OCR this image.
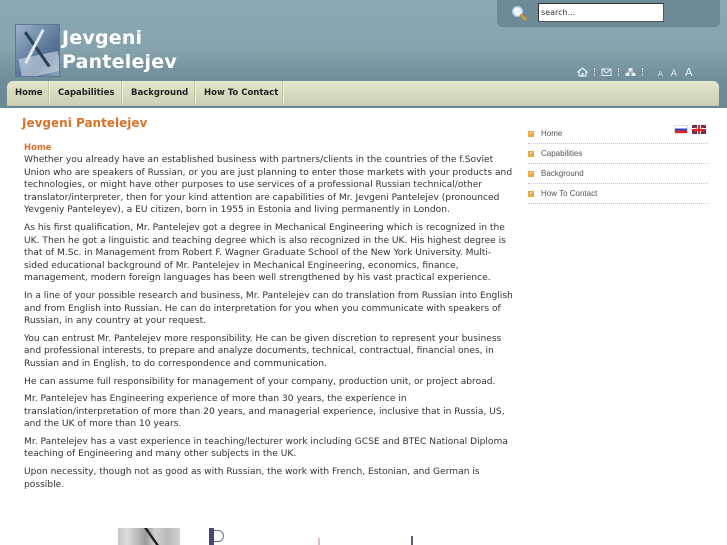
Jevgeni
Pantelejev
search...
A A A
Home	Capabilities	Background	How To Contact
Jevgeni Pantelejev
Home

Whether you already have an established business with partners/clients in the countries of the f.Soviet Union who are speakers of Russian, or you are just planning to enter those markets with your products and technologies, or might have other purposes to use services of a professional Russian technical/other translator/interpreter, then for your kind attention are capabilities of Mr. Jevgeni Pantelejev (pronounced Yevgeniy Panteleyev), a EU citizen, born in 1955 in Estonia and living permanently in London.

As his first qualification, Mr. Pantelejev got a degree in Mechanical Engineering which is recognized in the UK. Then he got a linguistic and teaching degree which is also recognized in the UK. His highest degree is that of M.Sc. in Management from Robert F. Wagner Graduate School of the New York University. Multi-sided educational background of Mr. Pantelejev in Mechanical Engineering, economics, finance, management, modern foreign languages has been well strengthened by his vast practical experience.

In a line of your possible research and business, Mr. Pantelejev can do translation from Russian into English and from English into Russian. He can do interpretation for you when you communicate with speakers of Russian, in any country at your request.

You can entrust Mr. Pantelejev more responsibility. He can be given discretion to represent your business and professional interests, to prepare and analyze documents, technical, contractual, financial ones, in Russian and in English, to do correspondence and communication.

He can assume full responsibility for management of your company, production unit, or project abroad.

Mr. Pantelejev has Engineering experience of more than 30 years, the experience in translation/interpretation of more than 20 years, and managerial experience, inclusive that in Russia, US, and the UK of more than 10 years.

Mr. Pantelejev has a vast experience in teaching/lecturer work including GCSE and BTEC National Diploma teaching of Engineering and many other subjects in the UK.

Upon necessity, though not as good as with Russian, the work with French, Estonian, and German is possible.

Home
Capabilities
Background
How To Contact
